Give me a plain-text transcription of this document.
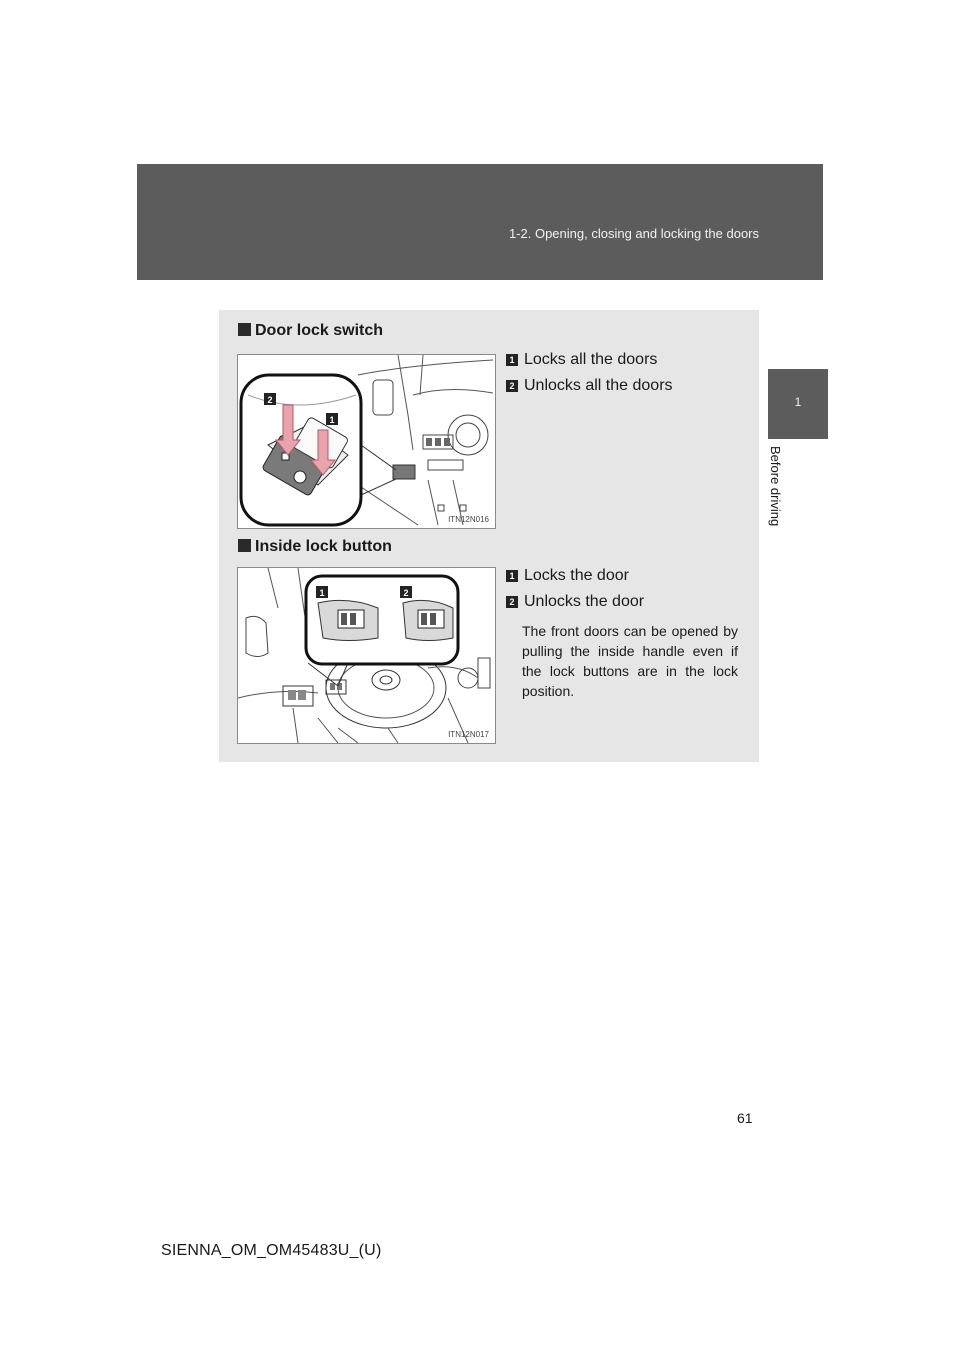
1-2. Opening, closing and locking the doors
1
Before driving
Door lock switch
2
1
ITN12N016
1 Locks all the doors
2 Unlocks all the doors
Inside lock button
1	2
ITN12N017
1 Locks the door
2 Unlocks the door
The front doors can be opened by pulling the inside handle even if the lock buttons are in the lock position.
61
SIENNA_OM_OM45483U_(U)
